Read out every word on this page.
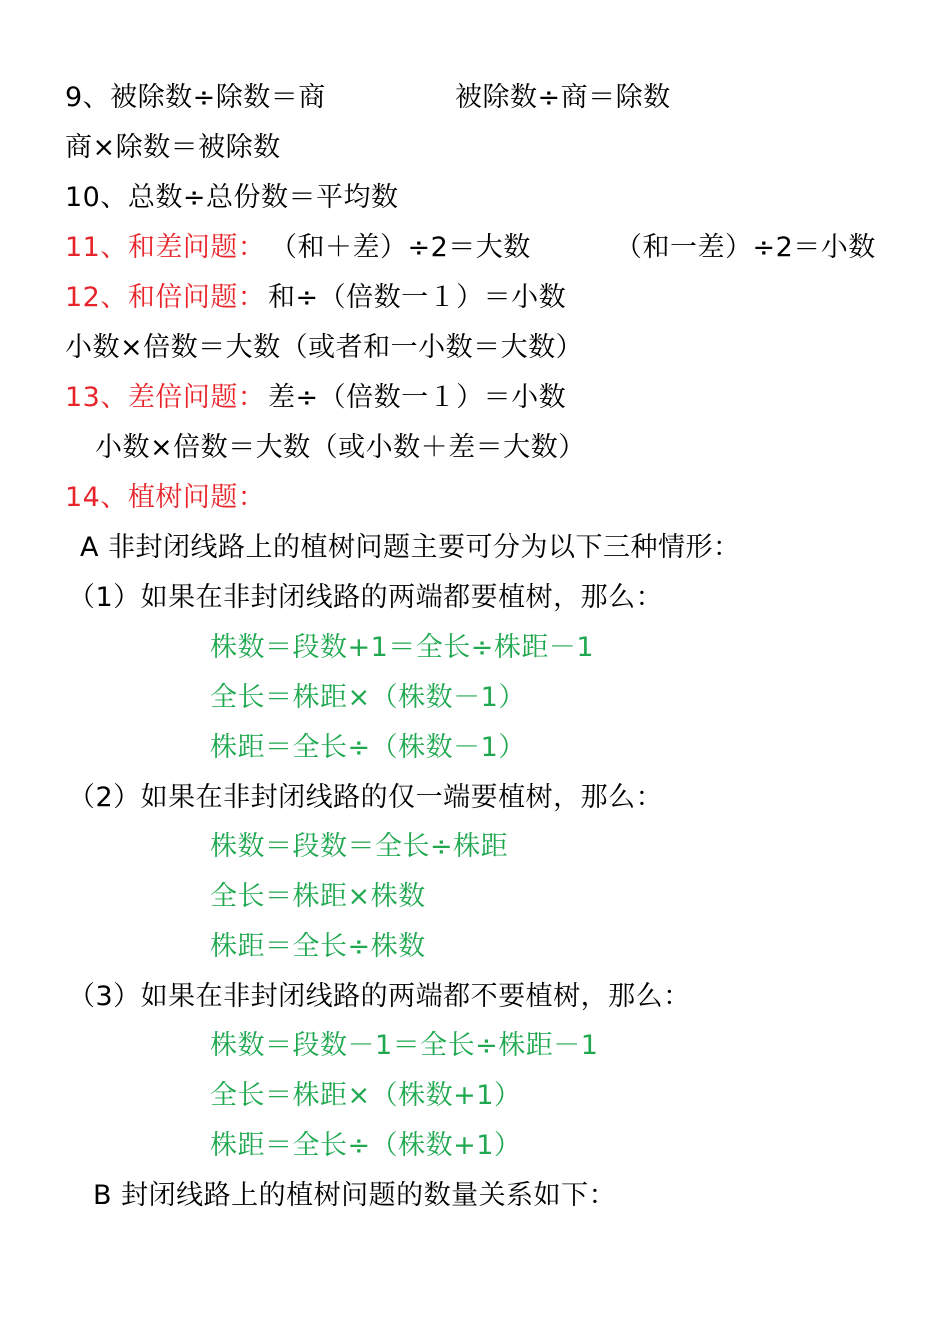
9、被除数÷除数＝商	被除数÷商＝除数
商×除数＝被除数
10、总数÷总份数＝平均数
11、和差问题： （和＋差）÷2＝大数	（和一差）÷2＝小数
12、和倍问题： 和÷（倍数一１）＝小数
小数×倍数＝大数（或者和一小数＝大数）
13、差倍问题： 差÷（倍数一１）＝小数
小数×倍数＝大数（或小数＋差＝大数）
14、植树问题：
A 非封闭线路上的植树问题主要可分为以下三种情形：
（1）如果在非封闭线路的两端都要植树，那么：
株数＝段数+1＝全长÷株距－1
全长＝株距×（株数－1）
株距＝全长÷（株数－1）
（2）如果在非封闭线路的仅一端要植树，那么：
株数＝段数＝全长÷株距
全长＝株距×株数
株距＝全长÷株数
（3）如果在非封闭线路的两端都不要植树，那么：
株数＝段数－1＝全长÷株距－1
全长＝株距×（株数+1）
株距＝全长÷（株数+1）
B 封闭线路上的植树问题的数量关系如下：
